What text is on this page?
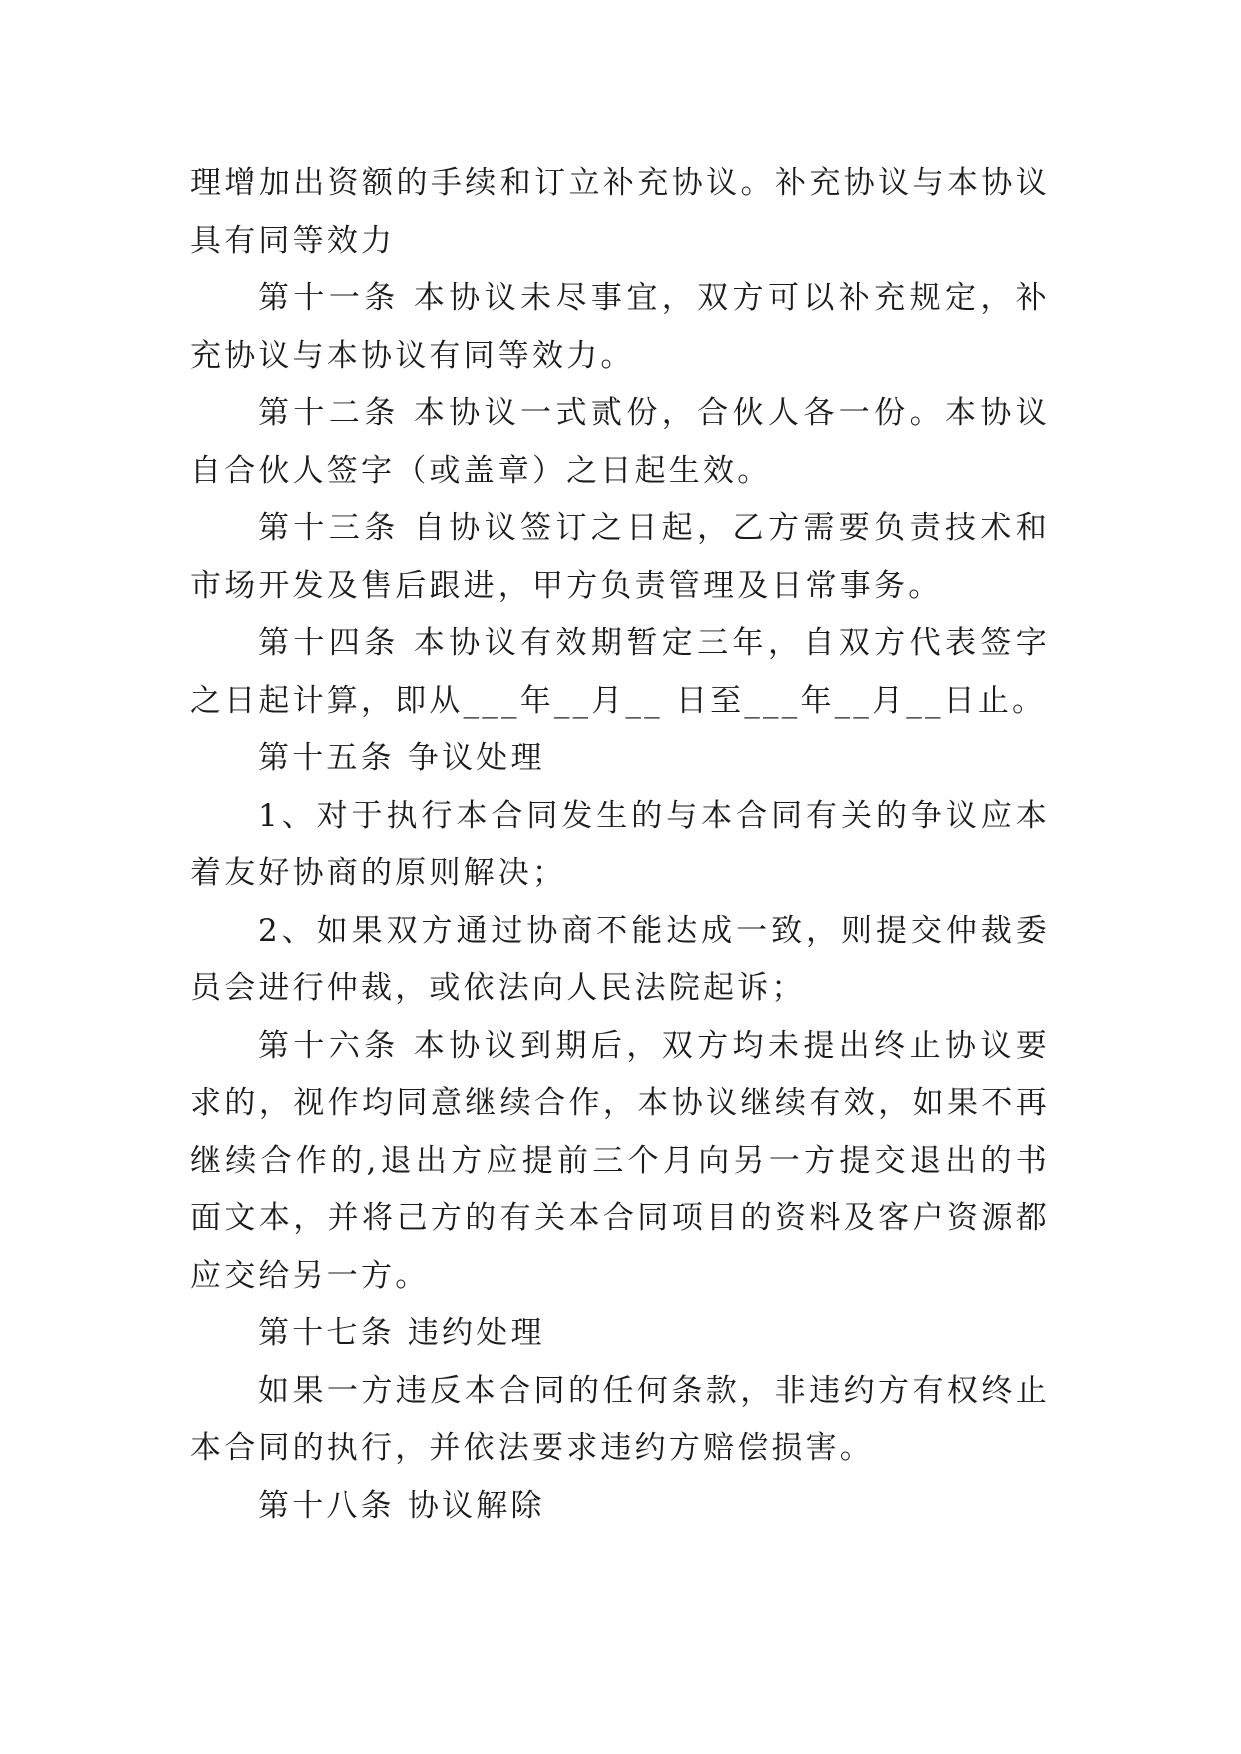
理增加出资额的手续和订立补充协议。补充协议与本协议具有同等效力

第十一条 本协议未尽事宜，双方可以补充规定，补充协议与本协议有同等效力。

第十二条 本协议一式贰份，合伙人各一份。本协议自合伙人签字（或盖章）之日起生效。

第十三条 自协议签订之日起，乙方需要负责技术和市场开发及售后跟进，甲方负责管理及日常事务。

第十四条 本协议有效期暂定三年，自双方代表签字之日起计算，即从___年__月__ 日至___年__月__日止。

第十五条 争议处理

1、对于执行本合同发生的与本合同有关的争议应本着友好协商的原则解决；

2、如果双方通过协商不能达成一致，则提交仲裁委员会进行仲裁，或依法向人民法院起诉；

第十六条 本协议到期后，双方均未提出终止协议要求的，视作均同意继续合作，本协议继续有效，如果不再继续合作的,退出方应提前三个月向另一方提交退出的书面文本，并将己方的有关本合同项目的资料及客户资源都应交给另一方。

第十七条 违约处理

如果一方违反本合同的任何条款，非违约方有权终止本合同的执行，并依法要求违约方赔偿损害。

第十八条 协议解除
